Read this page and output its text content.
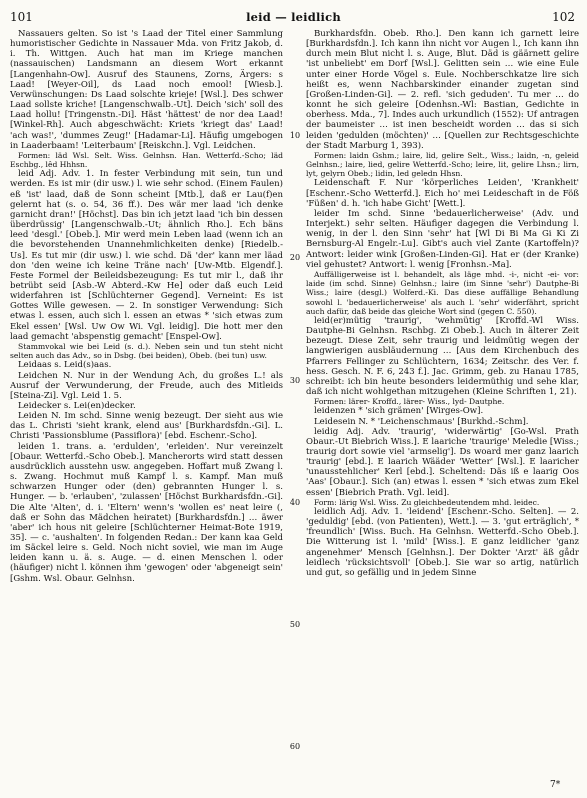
101	leid — leidlich	102

Nassauers gelten. So ist 's Laad der Titel einer Sammlung humoristischer Gedichte in Nassauer Mda. von Fritz Jakob, d. i. Th. Wittgen. Auch hat man im Kriege manchen (nassauischen) Landsmann an diesem Wort erkannt [Langenhahn-Ow]. Ausruf des Staunens, Zorns, Ärgers: s Laad! [Weyer-Oil], ds Laad noch emool! [Wiesb.]. Verwünschungen: Ds Laad solschte krieje! [Wsl.]. Des schwer Laad sollste kriche! [Langenschwalb.-Ut]. Deich 'sich' soll des Laad hollu! [Tringenstn.-Di]. Häst 'hättest' de nor dea Laad! [Winkel-Rh]. Auch abgeschwächt: Kriets 'kriegt das' Laad! 'ach was!', 'dummes Zeug!' [Hadamar-Li]. Häufig umgebogen in Laaderbaam! 'Leiterbaum' [Reiskchn.]. Vgl. Leidchen.

Formen: läd Wsl. Selt. Wiss. Gelnhsn. Han. Wetterfd.-Scho; läd Eschbg., lêd Hhhsn.

leid Adj. Adv. 1. In fester Verbindung mit sein, tun und werden. Es ist mir (dir usw.) l. wie sehr schod. (Einem Faulen) eß 'ist' laad, daß de Sonn scheint [Mtb.], daß er Lau(f)en gelernt hat (s. o. 54, 36 ff.). Des wär mer laad 'ich denke garnicht dran!' [Höchst]. Das bin ich jetzt laad 'ich bin dessen überdrüssig' [Langenschwalb.-Ut; ähnlich Rho.]. Ech bäns leed 'desgl.' [Obeb.]. Mir werd mein Leben laad (wenn ich an die bevorstehenden Unannehmlichkeiten denke) [Riedelb.-Us]. Es tut mir (dir usw.) l. wie schd. Dä 'der' kann mer läad don 'den weine ich keine Träne nach' [Uw-Mtb. Elgendf.]. Feste Formel der Beileidsbezeugung: Es tut mir l., daß ihr betrübt seid [Asb.-W Abterd.-Kw He] oder daß euch Leid widerfahren ist [Schlüchterner Gegend]. Verneint: Es ist Gottes Wille gewesen. — 2. In sonstiger Verwendung: Sich etwas l. essen, auch sich l. essen an etwas * 'sich etwas zum Ekel essen' [Wsl. Uw Ow Wi. Vgl. leidig]. Die hott mer den laad gemacht 'abspenstig gemacht' [Enspel-Ow].

Stammvokal wie bei Leid (s. d.). Neben sein und tun steht nicht selten auch das Adv., so in Dsbg. (bei beiden), Obeb. (bei tun) usw.

Leidaas s. Leid(s)aas.

Leidchen N. Nur in der Wendung Ach, du großes L.! als Ausruf der Verwunderung, der Freude, auch des Mitleids [Steina-Zi]. Vgl. Leid 1. 5.

Leidecker s. Lei(en)decker.

Leiden N. Im schd. Sinne wenig bezeugt. Der sieht aus wie das L. Christi 'sieht krank, elend aus' [Burkhardsfdn.-Gi]. L. Christi 'Passionsblume (Passiflora)' [ebd. Eschenr.-Scho].

leiden 1. trans. a. 'erdulden', 'erleiden'. Nur vereinzelt [Obaur. Wetterfd.-Scho Obeb.]. Mancherorts wird statt dessen ausdrücklich ausstehn usw. angegeben. Hoffart muß Zwang l. s. Zwang. Hochmut muß Kampf l. s. Kampf. Man muß schwarzen Hunger oder (den) gebrannten Hunger l. s. Hunger. — b. 'erlauben', 'zulassen' [Höchst Burkhardsfdn.-Gi]. Die Alte 'Alten', d. i. 'Eltern' wenn's 'wollen es' neat leire (, daß er Sohn das Mädchen heiratet) [Burkhardsfdn.] … äwer 'aber' ich hous nit geleire [Schlüchterner Heimat-Bote 1919, 35]. — c. 'aushalten'. In folgenden Redan.: Der kann kaa Geld im Säckel leire s. Geld. Noch nicht soviel, wie man im Auge leiden kann u. ä. s. Auge. — d. einen Menschen l. oder (häufiger) nicht l. können ihm 'gewogen' oder 'abgeneigt sein' [Gshm. Wsl. Obaur. Gelnhsn.

10
20
30
40
50
60

Burkhardsfdn. Obeb. Rho.]. Den kann ich garnett leire [Burkhardsfdn.]. Ich kann ihn nicht vor Augen l., Ich kann ihn durch mein Blut nicht l. s. Auge, Blut. Däd is gäärnett gelire 'ist unbeliebt' em Dorf [Wsl.]. Gelitten sein … wie eine Eule unter einer Horde Vögel s. Eule. Nochberschkatze lire sich heißt es, wenn Nachbarskinder einander zugetan sind [Großen-Linden-Gi]. — 2. refl. 'sich geduden'. Tu mer … do konnt he sich geleire [Odenhsn.-Wl: Bastian, Gedichte in oberhess. Mda., 7]. Indes auch urkundlich (1552): Uf antragen der baumeister … ist inen bescheidt worden … das si sich leiden 'gedulden (möchten)' … [Quellen zur Rechtsgeschichte der Stadt Marburg 1, 393).

Formen: laidn Gshm.; laire, lid, gelire Selt., Wiss.; laidn, -n, geleid Gelnhsn.; laire, lied, gelire Wetterfd.-Scho; leire, lit, gelire Lhsn.; lirn, lyt, gelyrn Obeb.; lidin, led geledn Hhsn.

Leidenschaft F. Nur 'körperliches Leiden', 'Krankheit' [Eschenr.-Scho Wetterfd.]. Eich ho' mei Leideschaft in de Föß 'Füßen' d. h. 'ich habe Gicht' [Wett.].

leider Im schd. Sinne 'bedauerlicherweise' (Adv. und Interjekt.) sehr selten. Häufiger dagegen die Verbindung l. wenig, in der l. den Sinn 'sehr' hat [Wl Di Bi Ma Gi Ki Zi Bernsburg-Al Engelr.-Lu]. Gibt's auch viel Zante (Kartoffeln)? Antwort: leider wink [Großen-Linden-Gi]. Hat er (der Kranke) viel gehustet? Antwort: l. wenig [Fronhsn.-Ma].

Auffälligerweise ist l. behandelt, als läge mhd. -i-, nicht -ei- vor: laide (im schd. Sinne) Gelnhsn.; laire (im Sinne 'sehr') Dautphe-Bi Wiss.; laire (desgl.) Wolferd.-Ki. Das diese auffällige Behandlung sowohl l. 'bedauerlicherweise' als auch l. 'sehr' widerfährt, spricht auch dafür, daß beide das gleiche Wort sind (gegen C. 550).

leid(er)mütig 'traurig', 'wehmütig' [Kroffd.-Wl Wiss. Dautphe-Bi Gelnhsn. Rschbg. Zi Obeb.]. Auch in älterer Zeit bezeugt. Diese Zeit, sehr traurig und leidmütig wegen der langwierigen ausbläudernung … [Aus dem Kirchenbuch des Pfarrers Fellinger zu Schlüchtern, 1634; Zeitschr. des Ver. f. hess. Gesch. N. F. 6, 243 f.]. Jac. Grimm, geb. zu Hanau 1785, schreibt: ich bin heute besonders leidermüthig und sehe klar, daß ich nicht wohlgethan mitzugehen (Kleine Schriften 1, 21).

Formen: lärer- Kroffd., lärer- Wiss., lyd- Dautphe.

leidenzen * 'sich grämen' [Wirges-Ow].

Leidesein N. * 'Leichenschmaus' [Burkhd.-Schm].

leidig Adj. Adv. 'traurig', 'widerwärtig' [Go-Wsl. Prath Obaur.-Ut Biebrich Wiss.]. E laariche 'traurige' Meledie [Wiss.; traurig dort sowie viel 'armselig']. Ds woard mer ganz laarich 'traurig' [ebd.]. E laarich Wääder 'Wetter' [Wsl.]. E laaricher 'unausstehlicher' Kerl [ebd.]. Scheltend: Däs iß e laarig Oos 'Aas' [Obaur.]. Sich (an) etwas l. essen * 'sich etwas zum Ekel essen' [Biebrich Prath. Vgl. leid].

Form: lärig Wsl. Wiss. Zu gleichbedeutendem mhd. leidec.

leidlich Adj. Adv. 1. 'leidend' [Eschenr.-Scho. Selten]. — 2. 'geduldig' [ebd. (von Patienten), Wett.]. — 3. 'gut erträglich', * 'freundlich' [Wiss. Buch. Ha Gelnhsn. Wetterfd.-Scho Obeb.]. Die Witterung ist l. 'mild' [Wiss.]. E ganz leidlicher 'ganz angenehmer' Mensch [Gelnhsn.]. Der Dokter 'Arzt' äß gådr leidlech 'rücksichtsvoll' [Obeb.]. Sie war so artig, natürlich und gut, so gefällig und in jedem Sinne

7*
